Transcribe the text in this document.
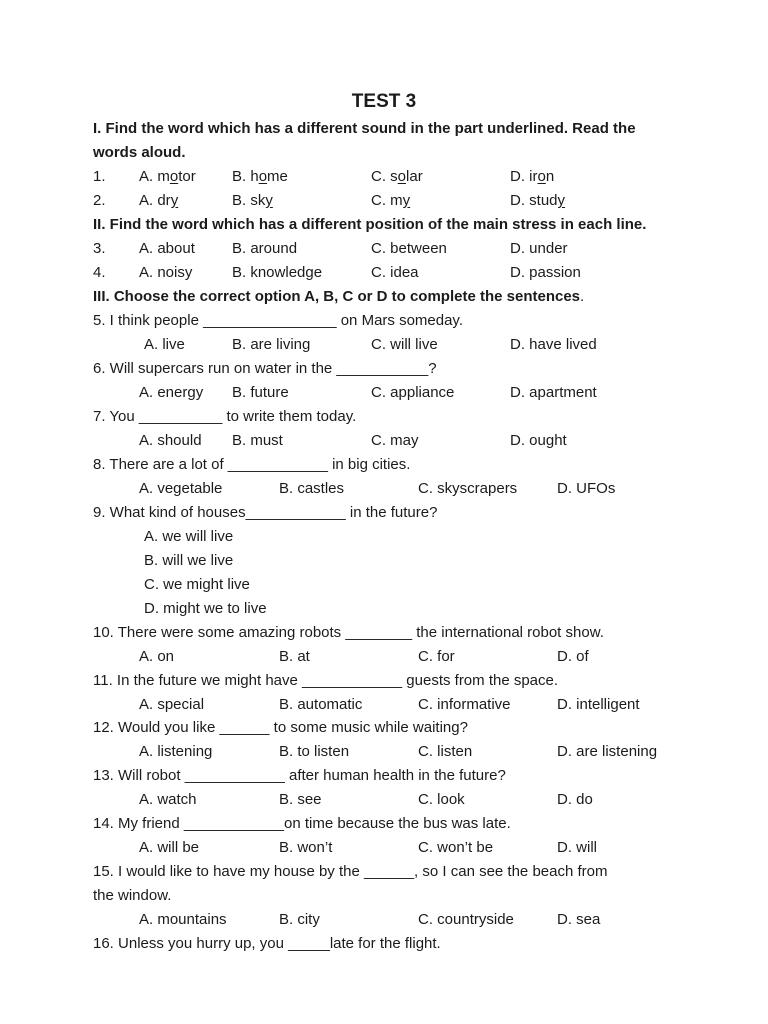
TEST 3
I. Find the word which has a different sound in the part underlined. Read the
words aloud.
1. A. motor B. home	C. solar	D. iron
2. A. dry	B. sky	C. my	D. study
II. Find the word which has a different position of the main stress in each line.
3. A. about B. around	C. between	D. under
4. A. noisy	B. knowledge	C. idea	D. passion
III. Choose the correct option A, B, C or D to complete the sentences.
5. I think people ________________ on Mars someday.
A. live	B. are living	C. will live	D. have lived
6. Will supercars run on water in the ___________?
A. energy B. future	C. appliance	D. apartment
7. You __________ to write them today.
A. should B. must	C. may	D. ought
8. There are a lot of ____________ in big cities.
A. vegetable	B. castles	C. skyscrapers	D. UFOs
9. What kind of houses____________ in the future?
A. we will live
B. will we live
C. we might live
D. might we to live
10. There were some amazing robots ________ the international robot show.
A. on	B. at	C. for	D. of
11. In the future we might have ____________ guests from the space.
A. special	B. automatic	C. informative	D. intelligent
12. Would you like ______ to some music while waiting?
A. listening	B. to listen	C. listen	D. are listening
13. Will robot ____________ after human health in the future?
A. watch	B. see	C. look	D. do
14. My friend ____________on time because the bus was late.
A. will be	B. won’t	C. won’t be	D. will
15. I would like to have my house by the ______, so I can see the beach from
the window.
A. mountains	B. city	C. countryside	D. sea
16. Unless you hurry up, you _____late for the flight.
